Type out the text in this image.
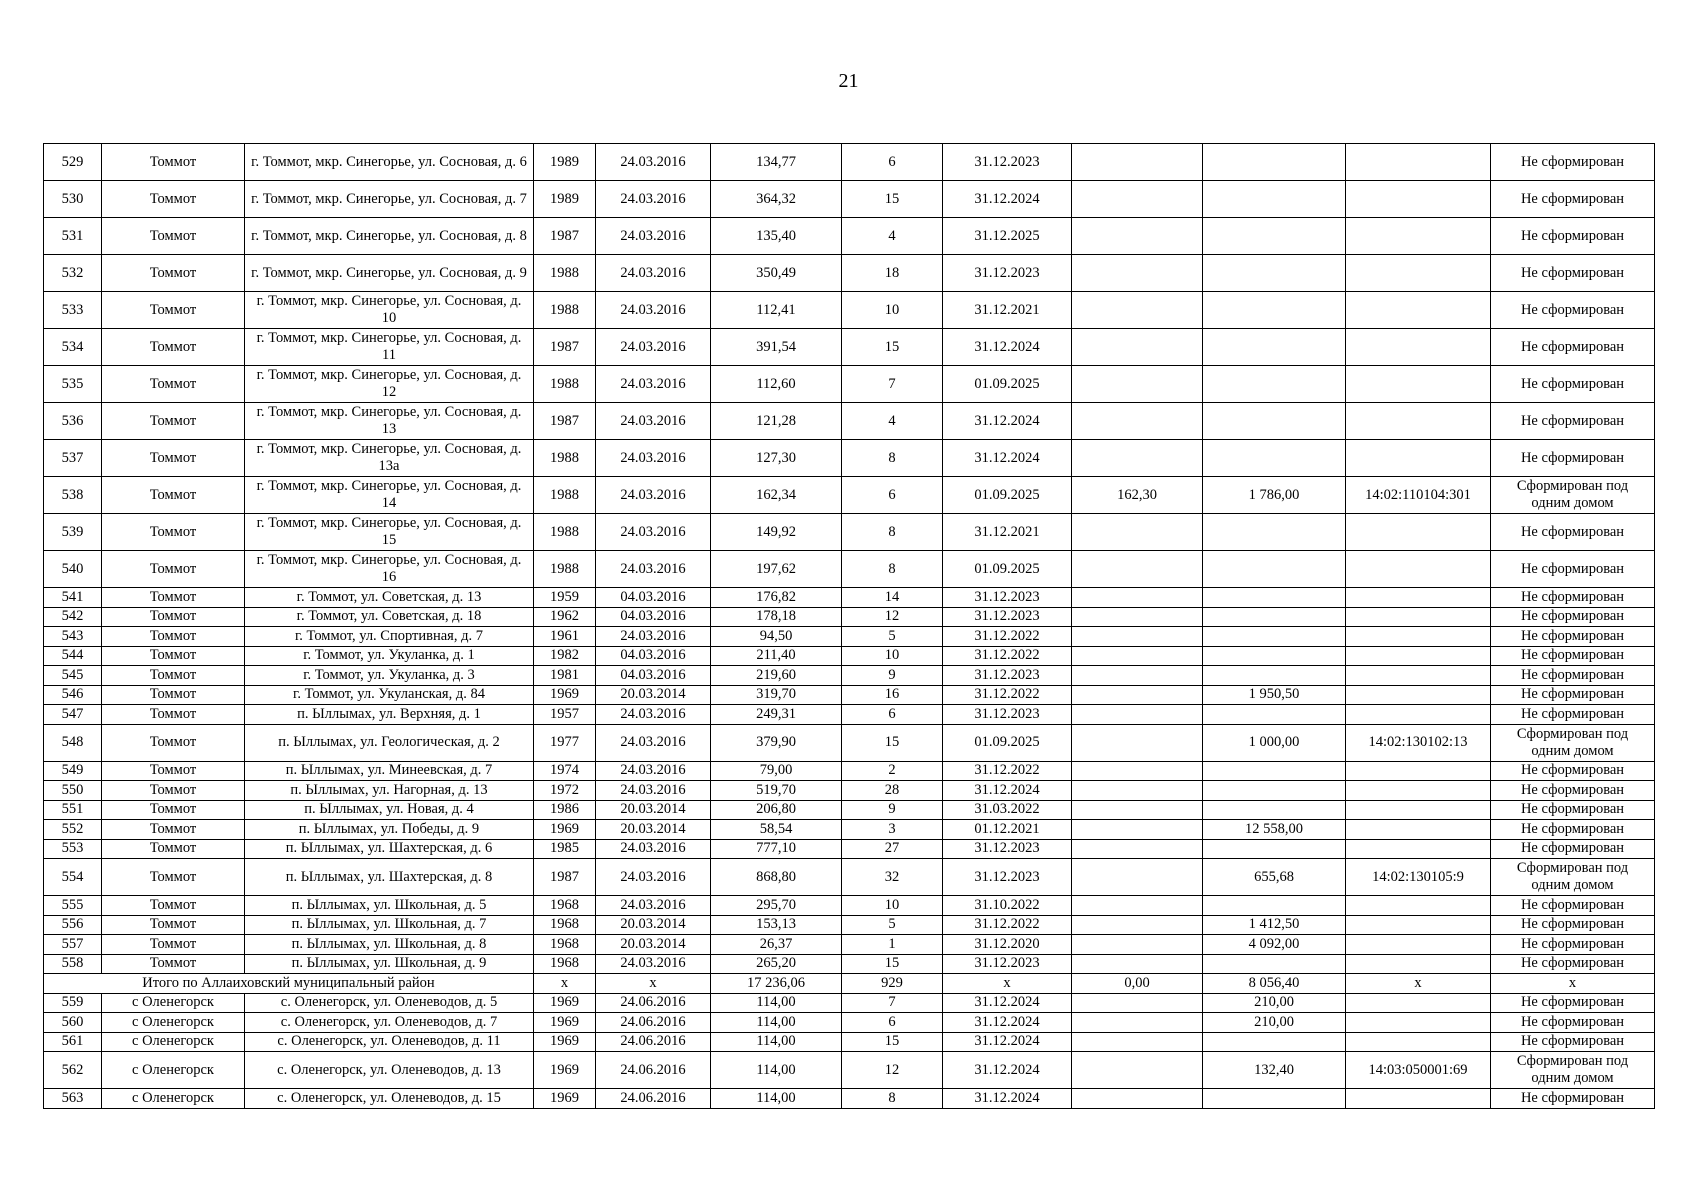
21
529	Томмот	г. Томмот, мкр. Синегорье, ул. Сосновая, д. 6	1989	24.03.2016	134,77	6	31.12.2023				Не сформирован
530	Томмот	г. Томмот, мкр. Синегорье, ул. Сосновая, д. 7	1989	24.03.2016	364,32	15	31.12.2024				Не сформирован
531	Томмот	г. Томмот, мкр. Синегорье, ул. Сосновая, д. 8	1987	24.03.2016	135,40	4	31.12.2025				Не сформирован
532	Томмот	г. Томмот, мкр. Синегорье, ул. Сосновая, д. 9	1988	24.03.2016	350,49	18	31.12.2023				Не сформирован
533	Томмот	г. Томмот, мкр. Синегорье, ул. Сосновая, д. 10	1988	24.03.2016	112,41	10	31.12.2021				Не сформирован
534	Томмот	г. Томмот, мкр. Синегорье, ул. Сосновая, д. 11	1987	24.03.2016	391,54	15	31.12.2024				Не сформирован
535	Томмот	г. Томмот, мкр. Синегорье, ул. Сосновая, д. 12	1988	24.03.2016	112,60	7	01.09.2025				Не сформирован
536	Томмот	г. Томмот, мкр. Синегорье, ул. Сосновая, д. 13	1987	24.03.2016	121,28	4	31.12.2024				Не сформирован
537	Томмот	г. Томмот, мкр. Синегорье, ул. Сосновая, д. 13а	1988	24.03.2016	127,30	8	31.12.2024				Не сформирован
538	Томмот	г. Томмот, мкр. Синегорье, ул. Сосновая, д. 14	1988	24.03.2016	162,34	6	01.09.2025	162,30	1 786,00	14:02:110104:301	Сформирован под одним домом
539	Томмот	г. Томмот, мкр. Синегорье, ул. Сосновая, д. 15	1988	24.03.2016	149,92	8	31.12.2021				Не сформирован
540	Томмот	г. Томмот, мкр. Синегорье, ул. Сосновая, д. 16	1988	24.03.2016	197,62	8	01.09.2025				Не сформирован
541	Томмот	г. Томмот, ул. Советская, д. 13	1959	04.03.2016	176,82	14	31.12.2023				Не сформирован
542	Томмот	г. Томмот, ул. Советская, д. 18	1962	04.03.2016	178,18	12	31.12.2023				Не сформирован
543	Томмот	г. Томмот, ул. Спортивная, д. 7	1961	24.03.2016	94,50	5	31.12.2022				Не сформирован
544	Томмот	г. Томмот, ул. Укуланка, д. 1	1982	04.03.2016	211,40	10	31.12.2022				Не сформирован
545	Томмот	г. Томмот, ул. Укуланка, д. 3	1981	04.03.2016	219,60	9	31.12.2023				Не сформирован
546	Томмот	г. Томмот, ул. Укуланская, д. 84	1969	20.03.2014	319,70	16	31.12.2022		1 950,50		Не сформирован
547	Томмот	п. Ыллымах, ул. Верхняя, д. 1	1957	24.03.2016	249,31	6	31.12.2023				Не сформирован
548	Томмот	п. Ыллымах, ул. Геологическая, д. 2	1977	24.03.2016	379,90	15	01.09.2025		1 000,00	14:02:130102:13	Сформирован под одним домом
549	Томмот	п. Ыллымах, ул. Минеевская, д. 7	1974	24.03.2016	79,00	2	31.12.2022				Не сформирован
550	Томмот	п. Ыллымах, ул. Нагорная, д. 13	1972	24.03.2016	519,70	28	31.12.2024				Не сформирован
551	Томмот	п. Ыллымах, ул. Новая, д. 4	1986	20.03.2014	206,80	9	31.03.2022				Не сформирован
552	Томмот	п. Ыллымах, ул. Победы, д. 9	1969	20.03.2014	58,54	3	01.12.2021		12 558,00		Не сформирован
553	Томмот	п. Ыллымах, ул. Шахтерская, д. 6	1985	24.03.2016	777,10	27	31.12.2023				Не сформирован
554	Томмот	п. Ыллымах, ул. Шахтерская, д. 8	1987	24.03.2016	868,80	32	31.12.2023		655,68	14:02:130105:9	Сформирован под одним домом
555	Томмот	п. Ыллымах, ул. Школьная, д. 5	1968	24.03.2016	295,70	10	31.10.2022				Не сформирован
556	Томмот	п. Ыллымах, ул. Школьная, д. 7	1968	20.03.2014	153,13	5	31.12.2022		1 412,50		Не сформирован
557	Томмот	п. Ыллымах, ул. Школьная, д. 8	1968	20.03.2014	26,37	1	31.12.2020		4 092,00		Не сформирован
558	Томмот	п. Ыллымах, ул. Школьная, д. 9	1968	24.03.2016	265,20	15	31.12.2023				Не сформирован
Итого по Аллаиховский муниципальный район			x	x	17 236,06	929	x	0,00	8 056,40	x	x
559	с Оленегорск	с. Оленегорск, ул. Оленеводов, д. 5	1969	24.06.2016	114,00	7	31.12.2024		210,00		Не сформирован
560	с Оленегорск	с. Оленегорск, ул. Оленеводов, д. 7	1969	24.06.2016	114,00	6	31.12.2024		210,00		Не сформирован
561	с Оленегорск	с. Оленегорск, ул. Оленеводов, д. 11	1969	24.06.2016	114,00	15	31.12.2024				Не сформирован
562	с Оленегорск	с. Оленегорск, ул. Оленеводов, д. 13	1969	24.06.2016	114,00	12	31.12.2024		132,40	14:03:050001:69	Сформирован под одним домом
563	с Оленегорск	с. Оленегорск, ул. Оленеводов, д. 15	1969	24.06.2016	114,00	8	31.12.2024				Не сформирован
